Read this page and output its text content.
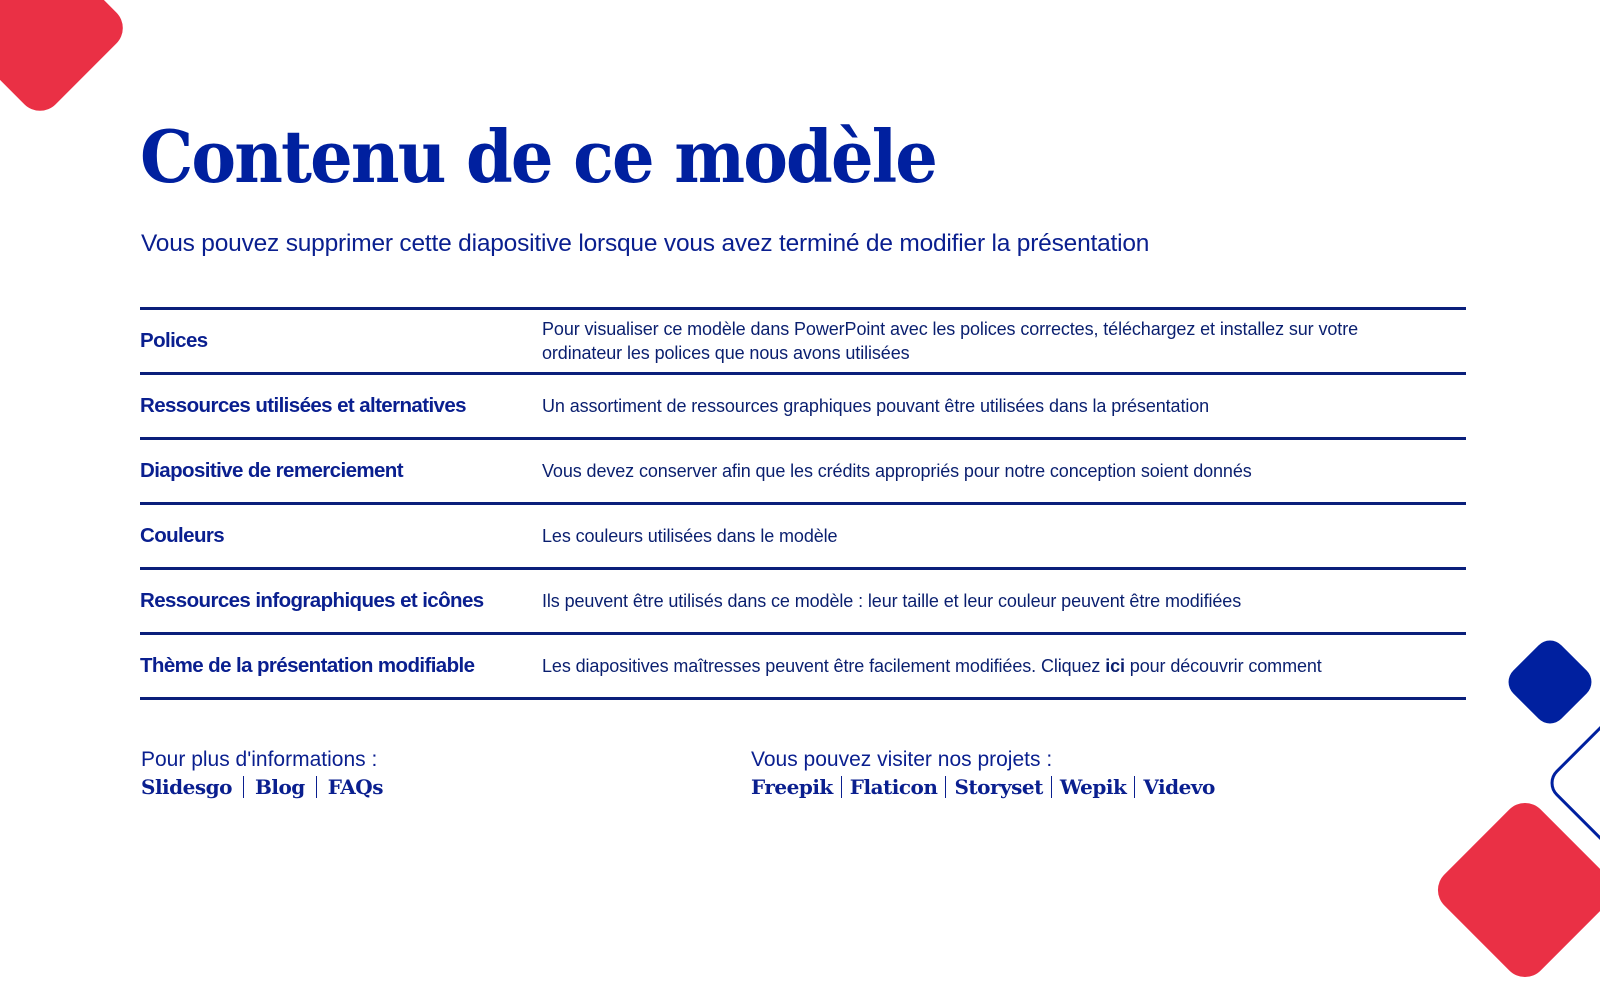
Contenu de ce modèle

Vous pouvez supprimer cette diapositive lorsque vous avez terminé de modifier la présentation

Polices	Pour visualiser ce modèle dans PowerPoint avec les polices correctes, téléchargez et installez sur votre ordinateur les polices que nous avons utilisées
Ressources utilisées et alternatives	Un assortiment de ressources graphiques pouvant être utilisées dans la présentation
Diapositive de remerciement	Vous devez conserver afin que les crédits appropriés pour notre conception soient donnés
Couleurs	Les couleurs utilisées dans le modèle
Ressources infographiques et icônes	Ils peuvent être utilisés dans ce modèle : leur taille et leur couleur peuvent être modifiées
Thème de la présentation modifiable	Les diapositives maîtresses peuvent être facilement modifiées. Cliquez ici pour découvrir comment
Pour plus d'informations :
Slidesgo Blog FAQs
Vous pouvez visiter nos projets :
Freepik Flaticon Storyset Wepik Videvo
